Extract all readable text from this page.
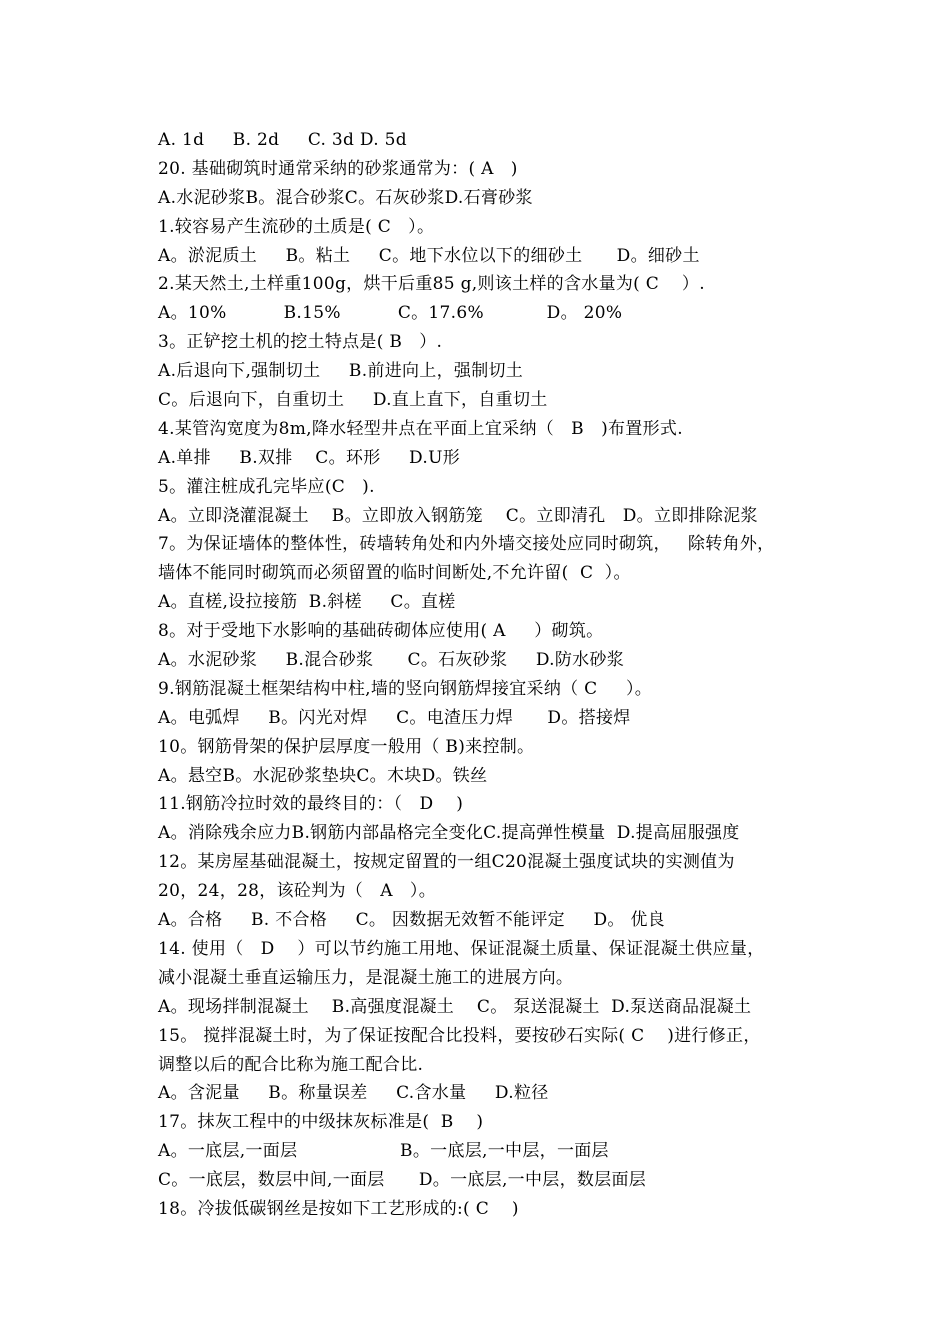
A. 1d     B. 2d     C. 3d D. 5d
20. 基础砌筑时通常采纳的砂浆通常为：( A   )
A.水泥砂浆B。混合砂浆C。石灰砂浆D.石膏砂浆
1.较容易产生流砂的土质是( C   ）。
A。淤泥质土     B。粘土     C。地下水位以下的细砂土      D。细砂土
2.某天然土,土样重100g，烘干后重85 g,则该土样的含水量为( C    ）.
A。10%          B.15%          C。17.6%           D。 20%
3。正铲挖土机的挖土特点是( B   ）.
A.后退向下,强制切土     B.前进向上，强制切土
C。后退向下，自重切土     D.直上直下，自重切土
4.某管沟宽度为8m,降水轻型井点在平面上宜采纳（   B   )布置形式.
A.单排     B.双排    C。环形     D.U形
5。灌注桩成孔完毕应(C   ).
A。立即浇灌混凝土    B。立即放入钢筋笼    C。立即清孔   D。立即排除泥浆
7。为保证墙体的整体性，砖墙转角处和内外墙交接处应同时砌筑，   除转角外，
墙体不能同时砌筑而必须留置的临时间断处,不允许留(  C  ）。
A。直槎,设拉接筋  B.斜槎     C。直槎
8。对于受地下水影响的基础砖砌体应使用( A     ）砌筑。
A。水泥砂浆     B.混合砂浆      C。石灰砂浆     D.防水砂浆
9.钢筋混凝土框架结构中柱,墙的竖向钢筋焊接宜采纳（ C     ）。
A。电弧焊     B。闪光对焊     C。电渣压力焊      D。搭接焊
10。钢筋骨架的保护层厚度一般用（ B)来控制。
A。悬空B。水泥砂浆垫块C。木块D。铁丝
11.钢筋冷拉时效的最终目的：（   D    )
A。消除残余应力B.钢筋内部晶格完全变化C.提高弹性模量  D.提高屈服强度
12。某房屋基础混凝土，按规定留置的一组C20混凝土强度试块的实测值为
20，24，28，该砼判为（   A   ）。
A。合格     B. 不合格     C。 因数据无效暂不能评定     D。 优良
14. 使用（   D    ）可以节约施工用地、保证混凝土质量、保证混凝土供应量，
减小混凝土垂直运输压力，是混凝土施工的进展方向。
A。现场拌制混凝土    B.高强度混凝土    C。 泵送混凝土  D.泵送商品混凝土
15。 搅拌混凝土时，为了保证按配合比投料，要按砂石实际( C    )进行修正，
调整以后的配合比称为施工配合比.
A。含泥量     B。称量误差     C.含水量     D.粒径
17。抹灰工程中的中级抹灰标准是(  B    )
A。一底层,一面层                  B。一底层,一中层，一面层
C。一底层，数层中间,一面层      D。一底层,一中层，数层面层
18。冷拔低碳钢丝是按如下工艺形成的:( C    )
